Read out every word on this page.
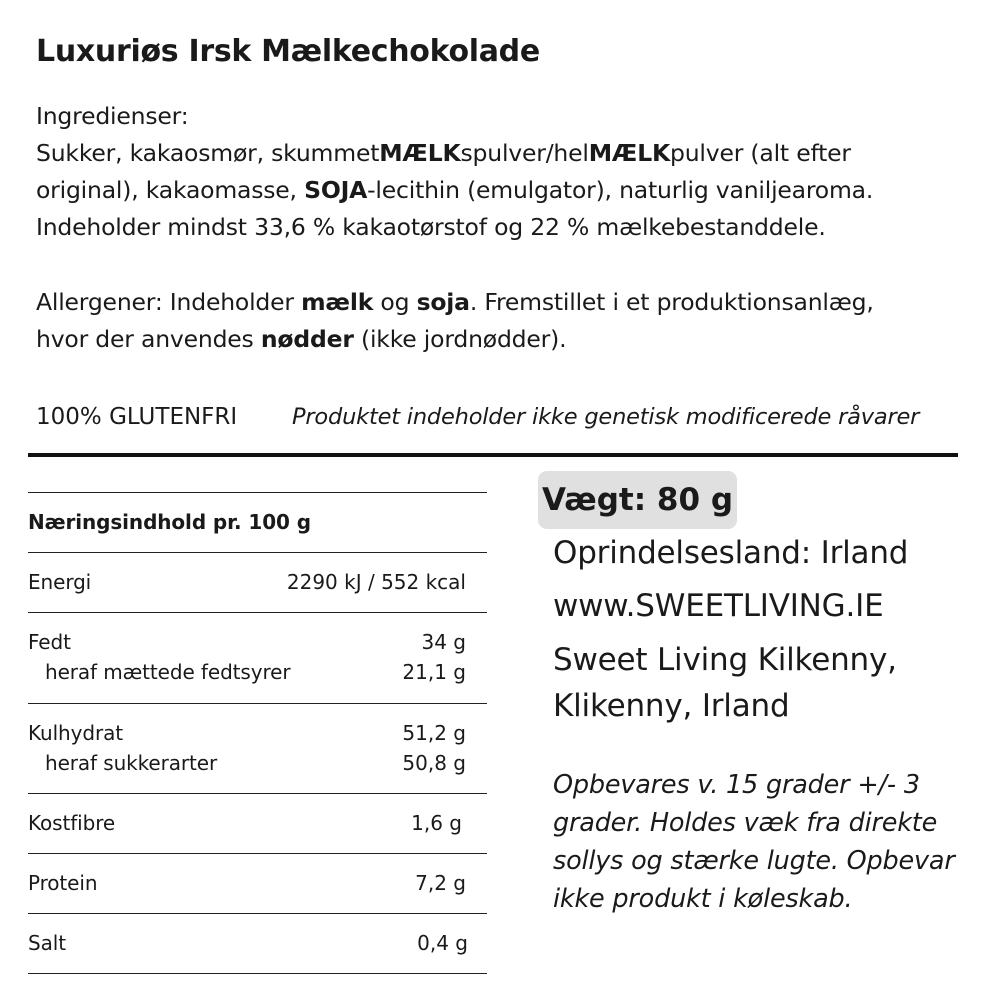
Luxuriøs Irsk Mælkechokolade
Ingredienser:
Sukker, kakaosmør, skummetMÆLKspulver/helMÆLKpulver (alt efter
original), kakaomasse, SOJA-lecithin (emulgator), naturlig vaniljearoma.
Indeholder mindst 33,6 % kakaotørstof og 22 % mælkebestanddele.
Allergener: Indeholder mælk og soja. Fremstillet i et produktionsanlæg,
hvor der anvendes nødder (ikke jordnødder).
100% GLUTENFRI Produktet indeholder ikke genetisk modificerede råvarer
Næringsindhold pr. 100 g
Energi	2290 kJ / 552 kcal
Fedt	34 g
heraf mættede fedtsyrer	21,1 g
Kulhydrat	51,2 g
heraf sukkerarter	50,8 g
Kostfibre	1,6 g
Protein	7,2 g
Salt	0,4 g
Vægt: 80 g
Oprindelsesland: Irland
www.SWEETLIVING.IE
Sweet Living Kilkenny,
Klikenny, Irland
Opbevares v. 15 grader +/- 3
grader. Holdes væk fra direkte
sollys og stærke lugte. Opbevar
ikke produkt i køleskab.
